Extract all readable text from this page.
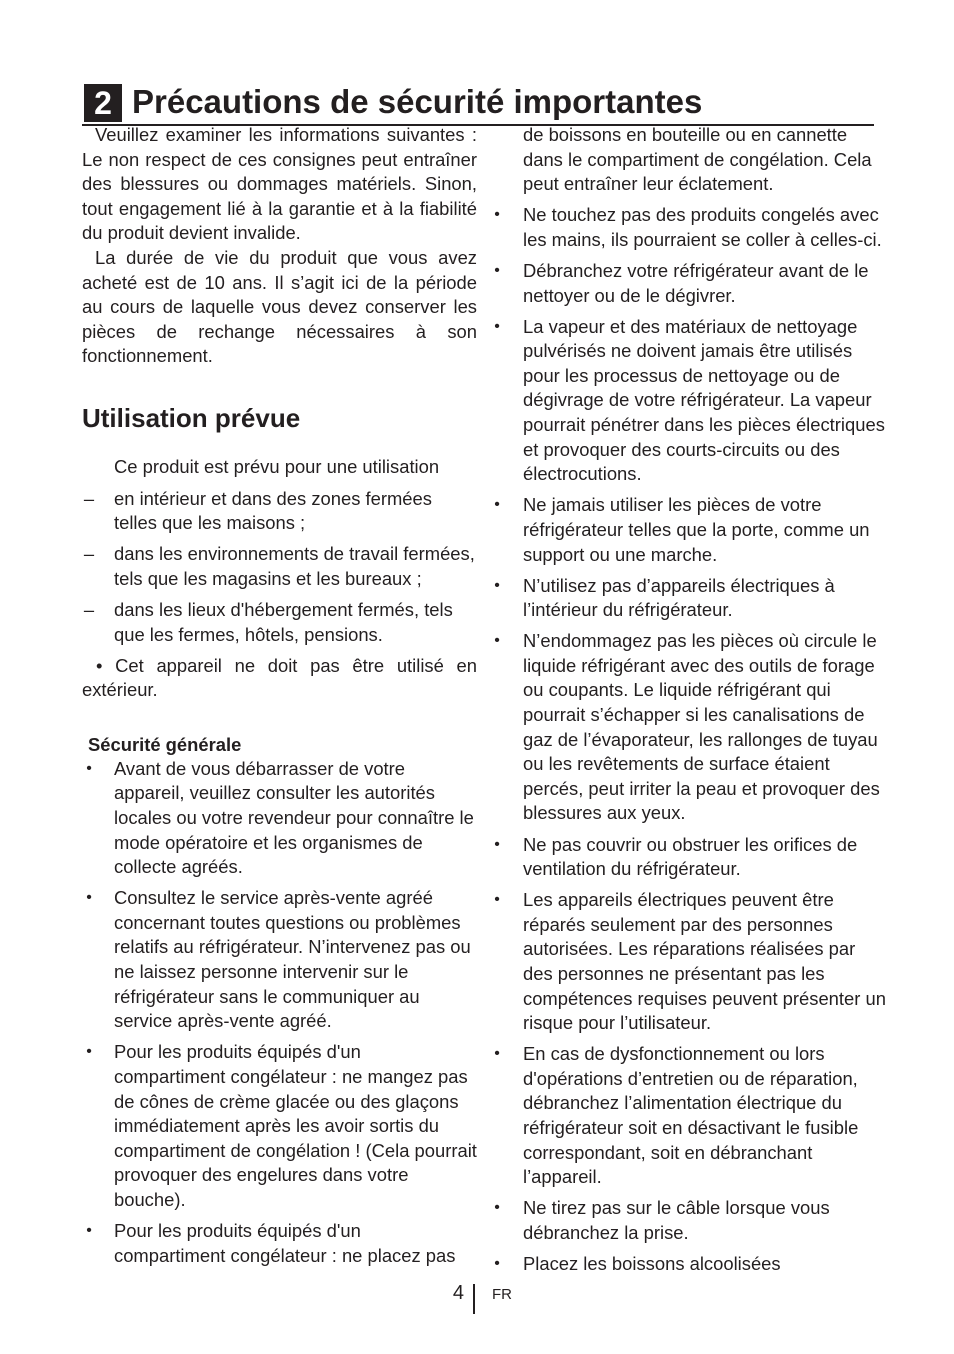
2 Précautions de sécurité importantes

Veuillez examiner les informations suivantes : Le non respect de ces consignes peut entraîner des blessures ou dommages matériels. Sinon, tout engagement lié à la garantie et à la fiabilité du produit devient invalide.

La durée de vie du produit que vous avez acheté est de 10 ans. Il s’agit ici de la période au cours de laquelle vous devez conserver les pièces de rechange nécessaires à son fonctionnement.

Utilisation prévue

Ce produit est prévu pour une utilisation

– en intérieur et dans des zones fermées telles que les maisons ;
– dans les environnements de travail fermées, tels que les magasins et les bureaux ;
– dans les lieux d'hébergement fermés, tels que les fermes, hôtels, pensions.

• Cet appareil ne doit pas être utilisé en extérieur.

Sécurité générale
• Avant de vous débarrasser de votre appareil, veuillez consulter les autorités locales ou votre revendeur pour connaître le mode opératoire et les organismes de collecte agréés.
• Consultez le service après-vente agréé concernant toutes questions ou problèmes relatifs au réfrigérateur. N’intervenez pas ou ne laissez personne intervenir sur le réfrigérateur sans le communiquer au service après-vente agréé.
• Pour les produits équipés d'un compartiment congélateur : ne mangez pas de cônes de crème glacée ou des glaçons immédiatement après les avoir sortis du compartiment de congélation ! (Cela pourrait provoquer des engelures dans votre bouche).
• Pour les produits équipés d'un compartiment congélateur : ne placez pas

de boissons en bouteille ou en cannette dans le compartiment de congélation. Cela peut entraîner leur éclatement.

• Ne touchez pas des produits congelés avec les mains, ils pourraient se coller à celles-ci.
• Débranchez votre réfrigérateur avant de le nettoyer ou de le dégivrer.
• La vapeur et des matériaux de nettoyage pulvérisés ne doivent jamais être utilisés pour les processus de nettoyage ou de dégivrage de votre réfrigérateur. La vapeur pourrait pénétrer dans les pièces électriques et provoquer des courts-circuits ou des électrocutions.
• Ne jamais utiliser les pièces de votre réfrigérateur telles que la porte, comme un support ou une marche.
• N’utilisez pas d’appareils électriques à l’intérieur du réfrigérateur.
• N’endommagez pas les pièces où circule le liquide réfrigérant avec des outils de forage ou coupants. Le liquide réfrigérant qui pourrait s’échapper si les canalisations de gaz de l’évaporateur, les rallonges de tuyau ou les revêtements de surface étaient percés, peut irriter la peau et provoquer des blessures aux yeux.
• Ne pas couvrir ou obstruer les orifices de ventilation du réfrigérateur.
• Les appareils électriques peuvent être réparés seulement par des personnes autorisées. Les réparations réalisées par des personnes ne présentant pas les compétences requises peuvent présenter un risque pour l’utilisateur.
• En cas de dysfonctionnement ou lors d'opérations d’entretien ou de réparation, débranchez l’alimentation électrique du réfrigérateur soit en désactivant le fusible correspondant, soit en débranchant l’appareil.
• Ne tirez pas sur le câble lorsque vous débranchez la prise.
• Placez les boissons alcoolisées
4 FR
